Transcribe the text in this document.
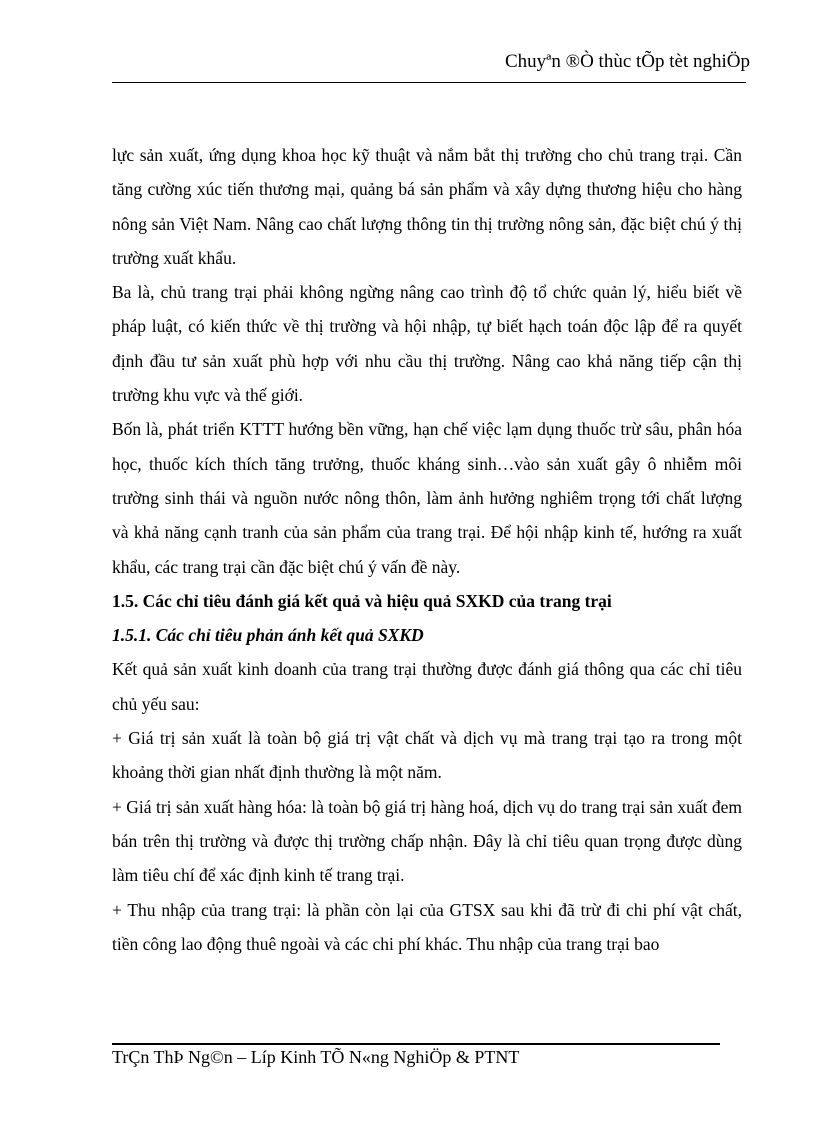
Chuyªn ®Ò thùc tÕp tèt nghiÖp

lực sản xuất, ứng dụng khoa học kỹ thuật và nắm bắt thị trường cho chủ trang trại. Cần tăng cường xúc tiến thương mại, quảng bá sản phẩm và xây dựng thương hiệu cho hàng nông sản Việt Nam. Nâng cao chất lượng thông tin thị trường nông sản, đặc biệt chú ý thị trường xuất khẩu.

Ba là, chủ trang trại phải không ngừng nâng cao trình độ tổ chức quản lý, hiểu biết về pháp luật, có kiến thức về thị trường và hội nhập, tự biết hạch toán độc lập để ra quyết định đầu tư sản xuất phù hợp với nhu cầu thị trường. Nâng cao khả năng tiếp cận thị trường khu vực và thế giới.

Bốn là, phát triển KTTT hướng bền vững, hạn chế việc lạm dụng thuốc trừ sâu, phân hóa học, thuốc kích thích tăng trưởng, thuốc kháng sinh…vào sản xuất gây ô nhiễm môi trường sinh thái và nguồn nước nông thôn, làm ảnh hưởng nghiêm trọng tới chất lượng và khả năng cạnh tranh của sản phẩm của trang trại. Để hội nhập kinh tế, hướng ra xuất khẩu, các trang trại cần đặc biệt chú ý vấn đề này.

1.5. Các chỉ tiêu đánh giá kết quả và hiệu quả SXKD của trang trại
1.5.1. Các chỉ tiêu phản ánh kết quả SXKD

Kết quả sản xuất kinh doanh của trang trại thường được đánh giá thông qua các chỉ tiêu chủ yếu sau:

+ Giá trị sản xuất là toàn bộ giá trị vật chất và dịch vụ mà trang trại tạo ra trong một khoảng thời gian nhất định thường là một năm.

+ Giá trị sản xuất hàng hóa: là toàn bộ giá trị hàng hoá, dịch vụ do trang trại sản xuất đem bán trên thị trường và được thị trường chấp nhận. Đây là chỉ tiêu quan trọng được dùng làm tiêu chí để xác định kinh tế trang trại.

+ Thu nhập của trang trại: là phần còn lại của GTSX sau khi đã trừ đi chi phí vật chất, tiền công lao động thuê ngoài và các chi phí khác. Thu nhập của trang trại bao

TrÇn ThÞ Ng©n – Líp Kinh TÕ N«ng NghiÖp & PTNT
